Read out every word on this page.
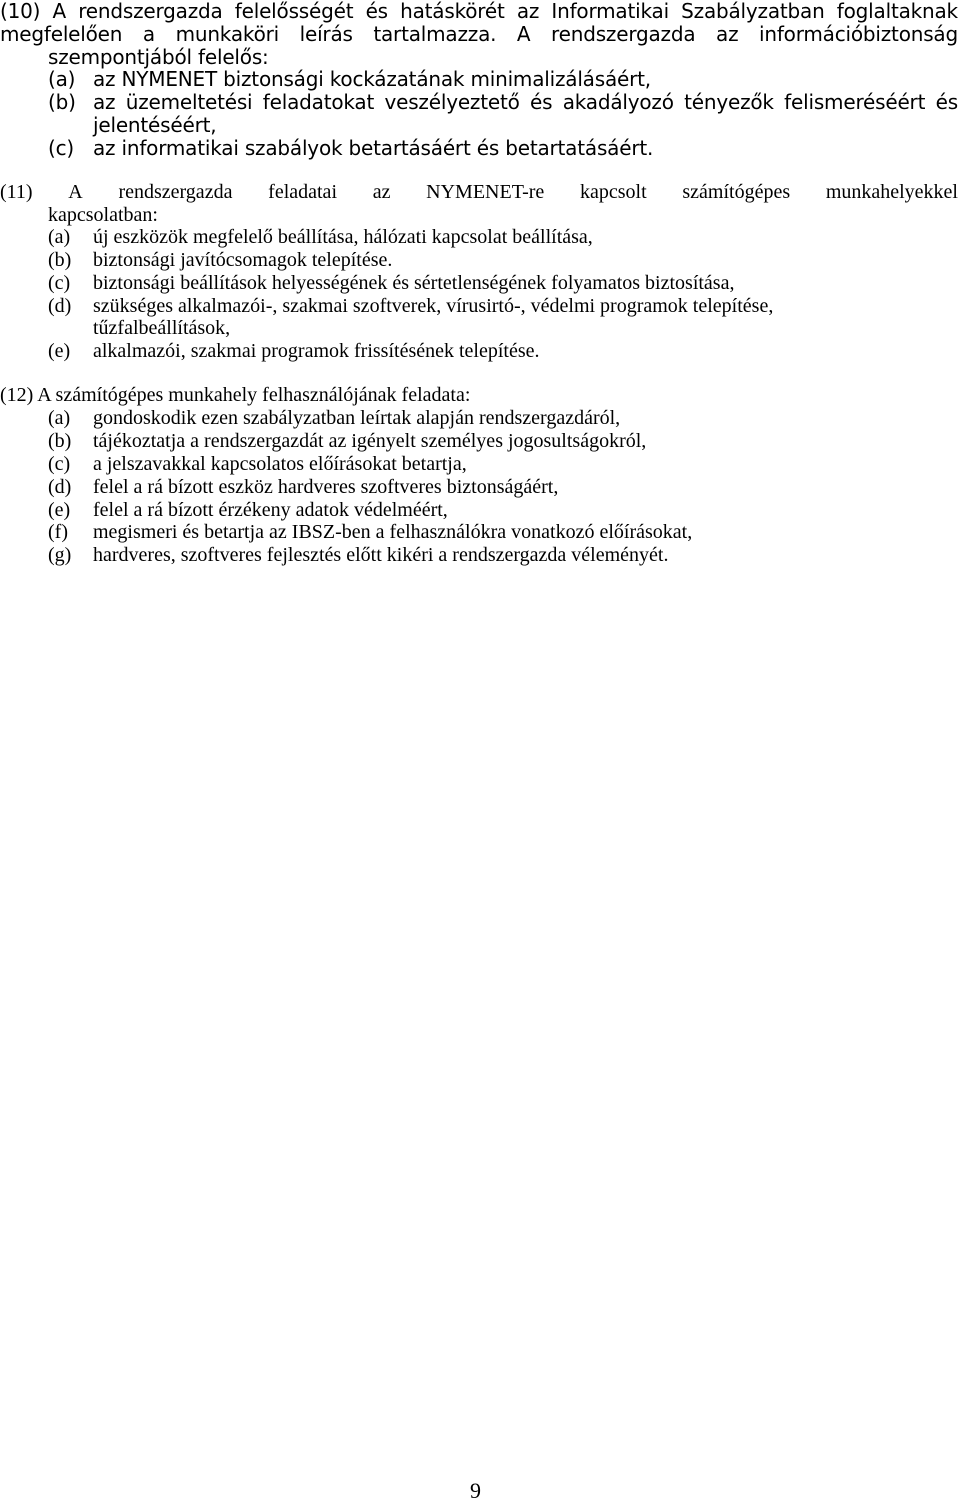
(10) A rendszergazda felelősségét és hatáskörét az Informatikai Szabályzatban foglaltaknak
megfelelően a munkaköri leírás tartalmazza. A rendszergazda az információbiztonság
szempontjából felelős:
(a) az NYMENET biztonsági kockázatának minimalizálásáért,
(b) az üzemeltetési feladatokat veszélyeztető és akadályozó tényezők felismeréséért és
jelentéséért,
(c) az informatikai szabályok betartásáért és betartatásáért.
(11) A rendszergazda feladatai az NYMENET-re kapcsolt számítógépes munkahelyekkel
kapcsolatban:
(a) új eszközök megfelelő beállítása, hálózati kapcsolat beállítása,
(b) biztonsági javítócsomagok telepítése.
(c) biztonsági beállítások helyességének és sértetlenségének folyamatos biztosítása,
(d) szükséges alkalmazói-, szakmai szoftverek, vírusirtó-, védelmi programok telepítése,
tűzfalbeállítások,
(e) alkalmazói, szakmai programok frissítésének telepítése.
(12) A számítógépes munkahely felhasználójának feladata:
(a) gondoskodik ezen szabályzatban leírtak alapján rendszergazdáról,
(b) tájékoztatja a rendszergazdát az igényelt személyes jogosultságokról,
(c) a jelszavakkal kapcsolatos előírásokat betartja,
(d) felel a rá bízott eszköz hardveres szoftveres biztonságáért,
(e) felel a rá bízott érzékeny adatok védelméért,
(f) megismeri és betartja az IBSZ-ben a felhasználókra vonatkozó előírásokat,
(g) hardveres, szoftveres fejlesztés előtt kikéri a rendszergazda véleményét.
9
